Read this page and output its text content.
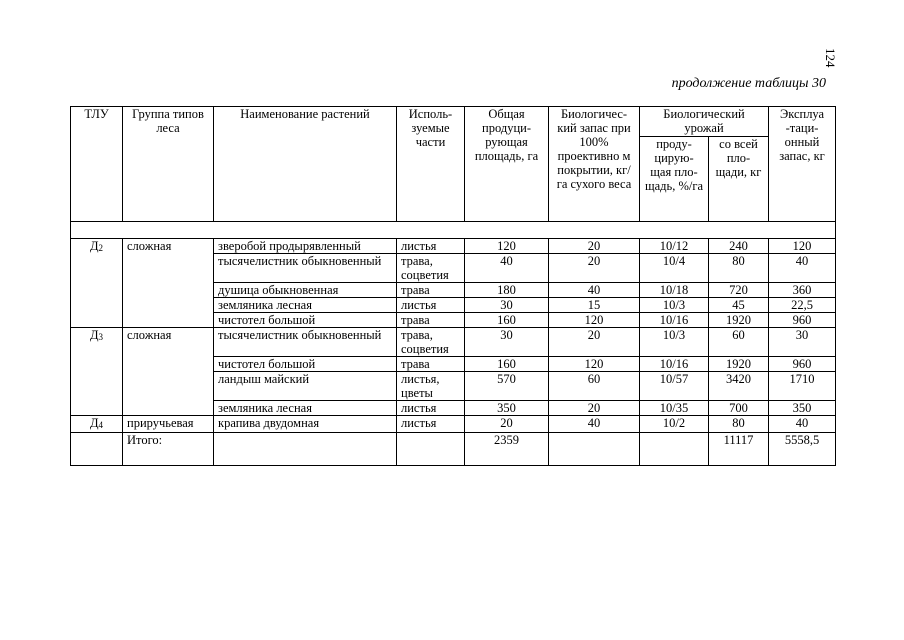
124
продолжение таблицы 30
ТЛУ	Группа типов леса	Наименование растений	Исполь- зуемые части	Общая продуци- рующая площадь, га	Биологичес- кий запас при 100% проективно м покрытии, кг/га сухого веса	Биологический урожай		Эксплуа -таци- онный запас, кг
						проду- цирую- щая пло- щадь, %/га	со всей пло- щади, кг	

$Д_2$	сложная	зверобой продырявленный	листья	120	20	10/12	240	120
		тысячелистник обыкновенный	трава, соцветия	40	20	10/4	80	40
		душица обыкновенная	трава	180	40	10/18	720	360
		земляника лесная	листья	30	15	10/3	45	22,5
		чистотел большой	трава	160	120	10/16	1920	960
$Д_3$	сложная	тысячелистник обыкновенный	трава, соцветия	30	20	10/3	60	30
		чистотел большой	трава	160	120	10/16	1920	960
		ландыш майский	листья, цветы	570	60	10/57	3420	1710
		земляника лесная	листья	350	20	10/35	700	350
$Д_4$	приручьевая	крапива двудомная	листья	20	40	10/2	80	40
	Итого:			2359			11117	5558,5
